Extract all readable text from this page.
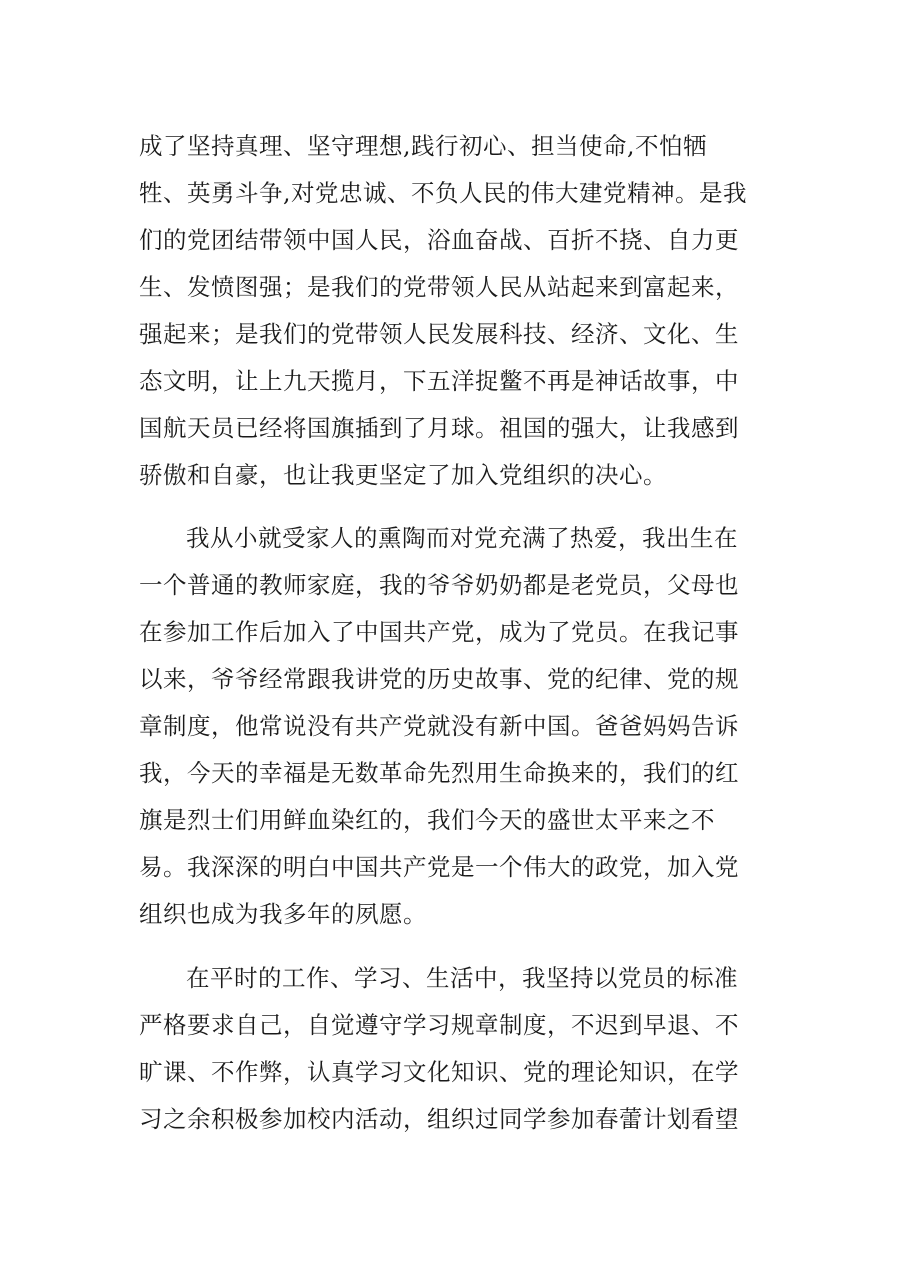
成了坚持真理、坚守理想,践行初心、担当使命,不怕牺
牲、英勇斗争,对党忠诚、不负人民的伟大建党精神。是我
们的党团结带领中国人民，浴血奋战、百折不挠、自力更
生、发愤图强；是我们的党带领人民从站起来到富起来，
强起来；是我们的党带领人民发展科技、经济、文化、生
态文明，让上九天揽月，下五洋捉鳖不再是神话故事，中
国航天员已经将国旗插到了月球。祖国的强大，让我感到
骄傲和自豪，也让我更坚定了加入党组织的决心。
我从小就受家人的熏陶而对党充满了热爱，我出生在
一个普通的教师家庭，我的爷爷奶奶都是老党员，父母也
在参加工作后加入了中国共产党，成为了党员。在我记事
以来，爷爷经常跟我讲党的历史故事、党的纪律、党的规
章制度，他常说没有共产党就没有新中国。爸爸妈妈告诉
我，今天的幸福是无数革命先烈用生命换来的，我们的红
旗是烈士们用鲜血染红的，我们今天的盛世太平来之不
易。我深深的明白中国共产党是一个伟大的政党，加入党
组织也成为我多年的夙愿。
在平时的工作、学习、生活中，我坚持以党员的标准
严格要求自己，自觉遵守学习规章制度，不迟到早退、不
旷课、不作弊，认真学习文化知识、党的理论知识，在学
习之余积极参加校内活动，组织过同学参加春蕾计划看望
